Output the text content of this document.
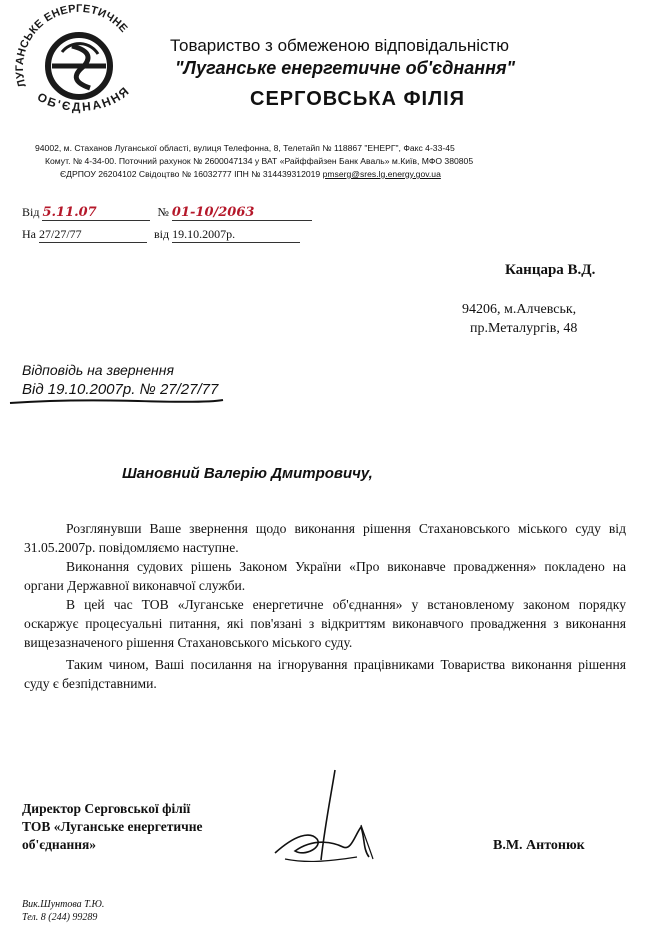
ЛУГАНСЬКЕ ЕНЕРГЕТИЧНЕ
ОБ'ЄДНАННЯ
Товариство з обмеженою відповідальністю
"Луганське енергетичне об'єднання"
СЕРГОВСЬКА ФІЛІЯ
94002, м. Стаханов Луганської області, вулиця Телефонна, 8, Телетайп № 118867 "ЕНЕРГ", Факс 4-33-45
Комут. № 4-34-00. Поточний рахунок № 2600047134 у ВАТ «Райффайзен Банк Аваль» м.Київ, МФО 380805
ЄДРПОУ 26204102 Свідоцтво № 16032777 ІПН № 314439312019 pmserg@sres.lg.energy.gov.ua
Від 5.11.07	№ 01-10/2063
На 27/27/77	від 19.10.2007р.
Канцара В.Д.
94206, м.Алчевськ,
пр.Металургів, 48
Відповідь на звернення
Від 19.10.2007р. № 27/27/77
Шановний Валерію Дмитровичу,

Розглянувши Ваше звернення щодо виконання рішення Стахановського міського суду від 31.05.2007р. повідомляємо наступне.

Виконання судових рішень Законом України «Про виконавче провадження» покладено на органи Державної виконавчої служби.

В цей час ТОВ «Луганське енергетичне об'єднання» у встановленому законом порядку оскаржує процесуальні питання, які пов'язані з відкриттям виконавчого провадження з виконання вищезазначеного рішення Стахановського міського суду.

Таким чином, Ваші посилання на ігнорування працівниками Товариства виконання рішення суду є безпідставними.

Директор Серговської філії
ТОВ «Луганське енергетичне
об'єднання»	В.М. Антонюк
Вик.Шунтова Т.Ю.
Тел. 8 (244) 99289
